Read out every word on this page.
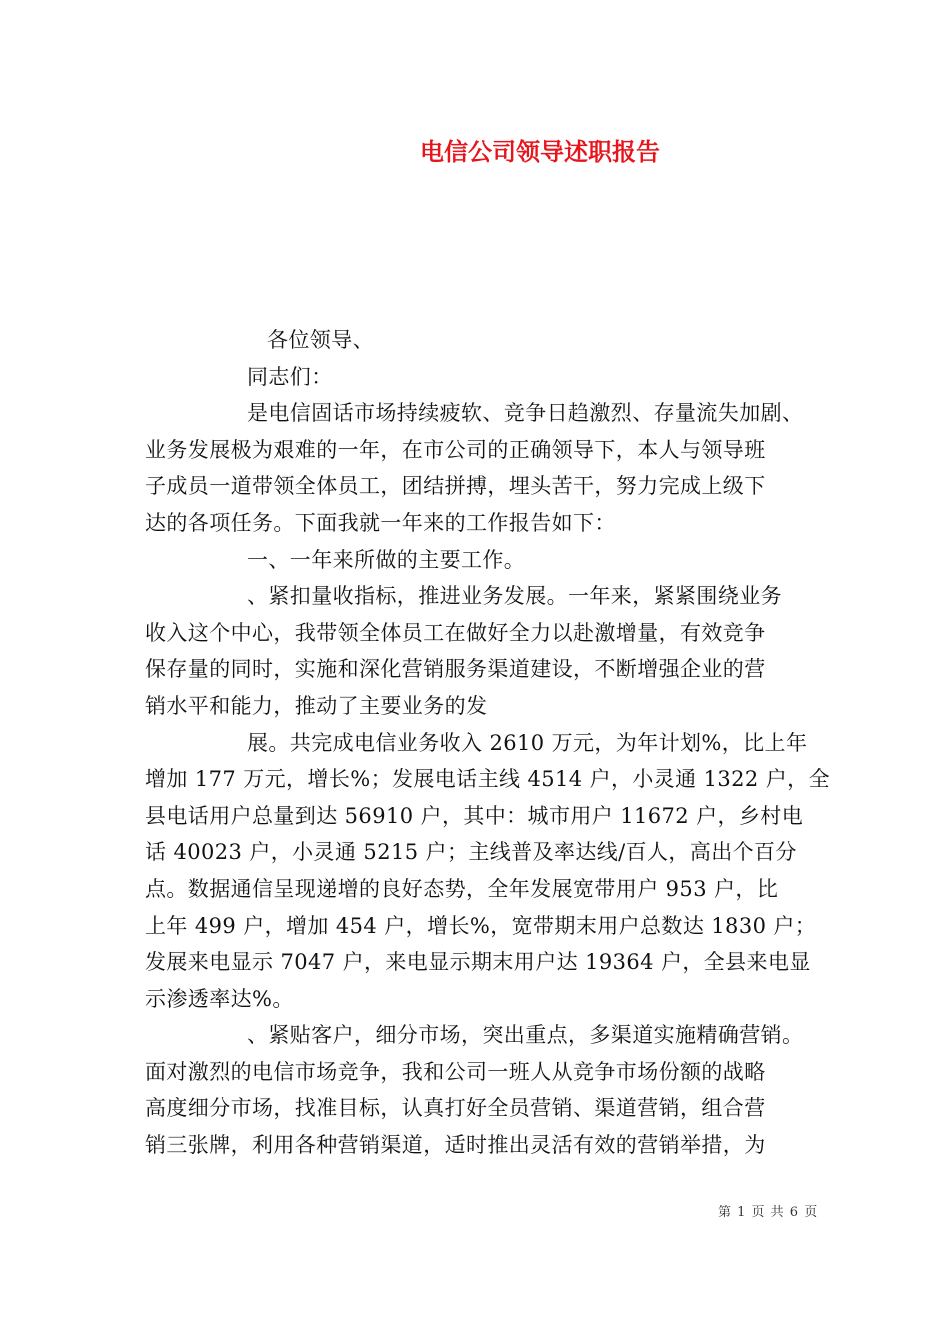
电信公司领导述职报告
各位领导、
同志们：
是电信固话市场持续疲软、竞争日趋激烈、存量流失加剧、
业务发展极为艰难的一年，在市公司的正确领导下，本人与领导班
子成员一道带领全体员工，团结拼搏，埋头苦干，努力完成上级下
达的各项任务。下面我就一年来的工作报告如下：
一、一年来所做的主要工作。
、紧扣量收指标，推进业务发展。一年来，紧紧围绕业务
收入这个中心，我带领全体员工在做好全力以赴激增量，有效竞争
保存量的同时，实施和深化营销服务渠道建设，不断增强企业的营
销水平和能力，推动了主要业务的发
展。共完成电信业务收入 2610 万元，为年计划%，比上年
增加 177 万元，增长%；发展电话主线 4514 户，小灵通 1322 户，全
县电话用户总量到达 56910 户，其中：城市用户 11672 户，乡村电
话 40023 户，小灵通 5215 户；主线普及率达线/百人，高出个百分
点。数据通信呈现递增的良好态势，全年发展宽带用户 953 户，比
上年 499 户，增加 454 户，增长%，宽带期末用户总数达 1830 户；
发展来电显示 7047 户，来电显示期末用户达 19364 户，全县来电显
示渗透率达%。
、紧贴客户，细分市场，突出重点，多渠道实施精确营销。
面对激烈的电信市场竞争，我和公司一班人从竞争市场份额的战略
高度细分市场，找准目标，认真打好全员营销、渠道营销，组合营
销三张牌，利用各种营销渠道，适时推出灵活有效的营销举措，为
第 1 页 共 6 页
